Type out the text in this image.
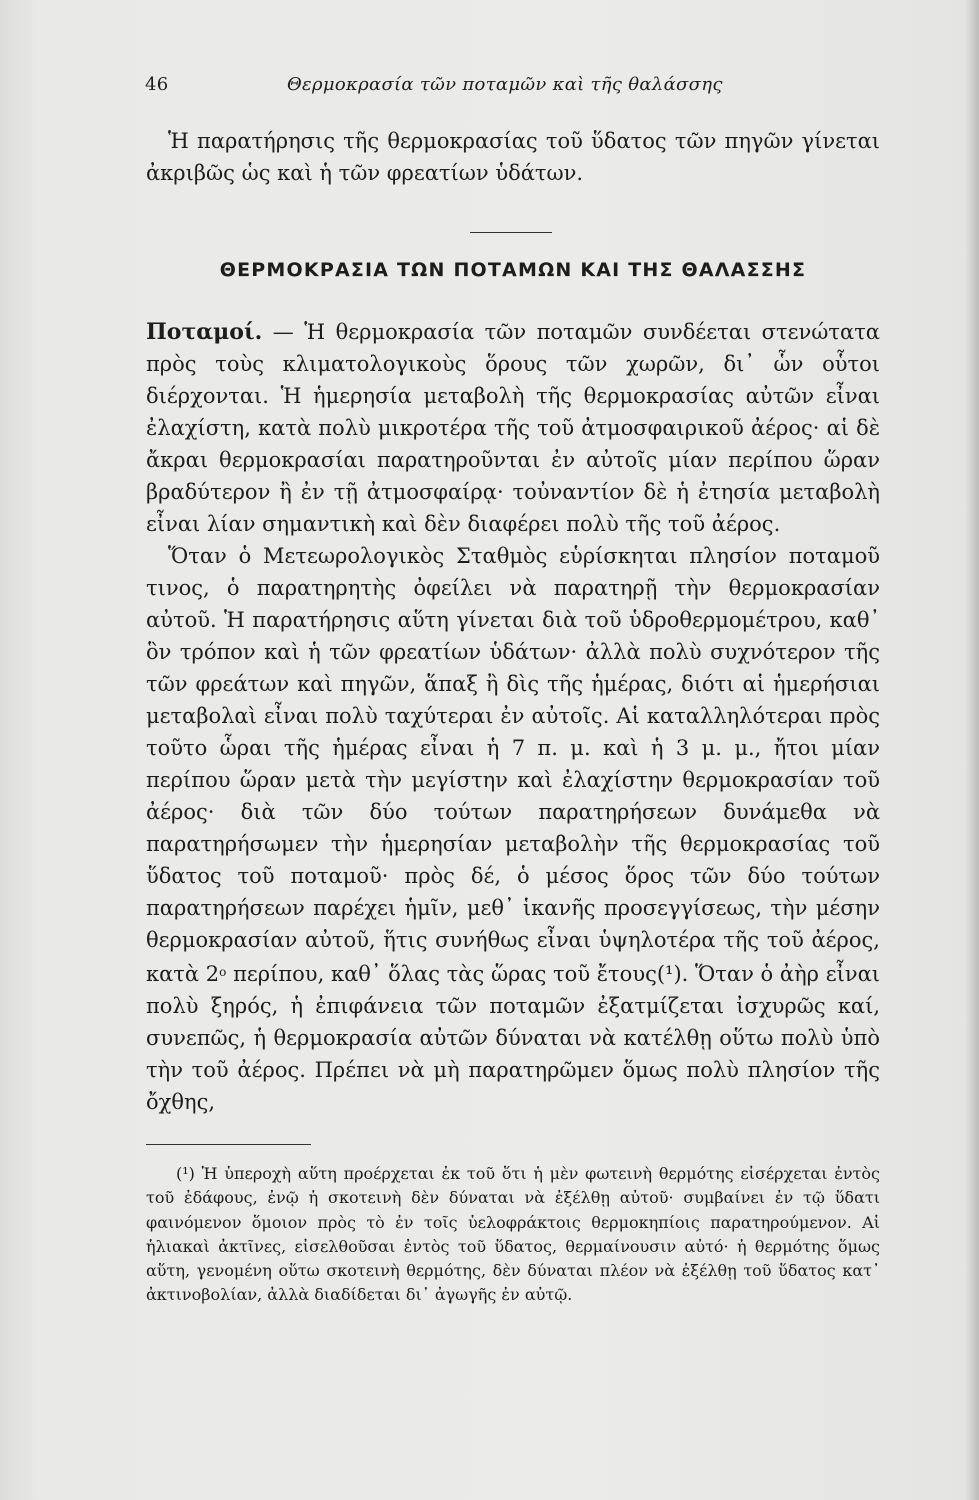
46	Θερμοκρασία τῶν ποταμῶν καὶ τῆς θαλάσσης

Ἡ παρατήρησις τῆς θερμοκρασίας τοῦ ὕδατος τῶν πηγῶν γίνεται ἀκριβῶς ὡς καὶ ἡ τῶν φρεατίων ὑδάτων.

ΘΕΡΜΟΚΡΑΣΙΑ ΤΩΝ ΠΟΤΑΜΩΝ ΚΑΙ ΤΗΣ ΘΑΛΑΣΣΗΣ

Ποταμοί. — Ἡ θερμοκρασία τῶν ποταμῶν συνδέεται στενώτατα πρὸς τοὺς κλιματολογικοὺς ὅρους τῶν χωρῶν, δι᾽ ὧν οὗτοι διέρχονται. Ἡ ἡμερησία μεταβολὴ τῆς θερμοκρασίας αὐτῶν εἶναι ἐλαχίστη, κατὰ πολὺ μικροτέρα τῆς τοῦ ἀτμοσφαιρικοῦ ἀέρος· αἱ δὲ ἄκραι θερμοκρασίαι παρατηροῦνται ἐν αὐτοῖς μίαν περίπου ὥραν βραδύτερον ἢ ἐν τῇ ἀτμοσφαίρᾳ· τοὐναντίον δὲ ἡ ἐτησία μεταβολὴ εἶναι λίαν σημαντικὴ καὶ δὲν διαφέρει πολὺ τῆς τοῦ ἀέρος.

Ὅταν ὁ Μετεωρολογικὸς Σταθμὸς εὑρίσκηται πλησίον ποταμοῦ τινος, ὁ παρατηρητὴς ὀφείλει νὰ παρατηρῇ τὴν θερμοκρασίαν αὐτοῦ. Ἡ παρατήρησις αὕτη γίνεται διὰ τοῦ ὑδροθερμομέτρου, καθ᾽ ὃν τρόπον καὶ ἡ τῶν φρεατίων ὑδάτων· ἀλλὰ πολὺ συχνότερον τῆς τῶν φρεάτων καὶ πηγῶν, ἅπαξ ἢ δὶς τῆς ἡμέρας, διότι αἱ ἡμερήσιαι μεταβολαὶ εἶναι πολὺ ταχύτεραι ἐν αὐτοῖς. Αἱ καταλληλότεραι πρὸς τοῦτο ὧραι τῆς ἡμέρας εἶναι ἡ 7 π. μ. καὶ ἡ 3 μ. μ., ἤτοι μίαν περίπου ὥραν μετὰ τὴν μεγίστην καὶ ἐλαχίστην θερμοκρασίαν τοῦ ἀέρος· διὰ τῶν δύο τούτων παρατηρήσεων δυνάμεθα νὰ παρατηρήσωμεν τὴν ἡμερησίαν μεταβολὴν τῆς θερμοκρασίας τοῦ ὕδατος τοῦ ποταμοῦ· πρὸς δέ, ὁ μέσος ὅρος τῶν δύο τούτων παρατηρήσεων παρέχει ἡμῖν, μεθ᾽ ἱκανῆς προσεγγίσεως, τὴν μέσην θερμοκρασίαν αὐτοῦ, ἥτις συνήθως εἶναι ὑψηλοτέρα τῆς τοῦ ἀέρος, κατὰ 2$^o$ περίπου, καθ᾽ ὅλας τὰς ὥρας τοῦ ἔτους(¹). Ὅταν ὁ ἀὴρ εἶναι πολὺ ξηρός, ἡ ἐπιφάνεια τῶν ποταμῶν ἐξατμίζεται ἰσχυρῶς καί, συνεπῶς, ἡ θερμοκρασία αὐτῶν δύναται νὰ κατέλθῃ οὕτω πολὺ ὑπὸ τὴν τοῦ ἀέρος. Πρέπει νὰ μὴ παρατηρῶμεν ὅμως πολὺ πλησίον τῆς ὄχθης,

(¹) Ἡ ὑπεροχὴ αὕτη προέρχεται ἐκ τοῦ ὅτι ἡ μὲν φωτεινὴ θερμότης εἰσέρχεται ἐντὸς τοῦ ἐδάφους, ἐνῷ ἡ σκοτεινὴ δὲν δύναται νὰ ἐξέλθῃ αὐτοῦ· συμβαίνει ἐν τῷ ὕδατι φαινόμενον ὅμοιον πρὸς τὸ ἐν τοῖς ὑελοφράκτοις θερμοκηπίοις παρατηρούμενον. Αἱ ἡλιακαὶ ἀκτῖνες, εἰσελθοῦσαι ἐντὸς τοῦ ὕδατος, θερμαίνουσιν αὐτό· ἡ θερμότης ὅμως αὕτη, γενομένη οὕτω σκοτεινὴ θερμότης, δὲν δύναται πλέον νὰ ἐξέλθῃ τοῦ ὕδατος κατ᾽ ἀκτινοβολίαν, ἀλλὰ διαδίδεται δι᾽ ἀγωγῆς ἐν αὐτῷ.
